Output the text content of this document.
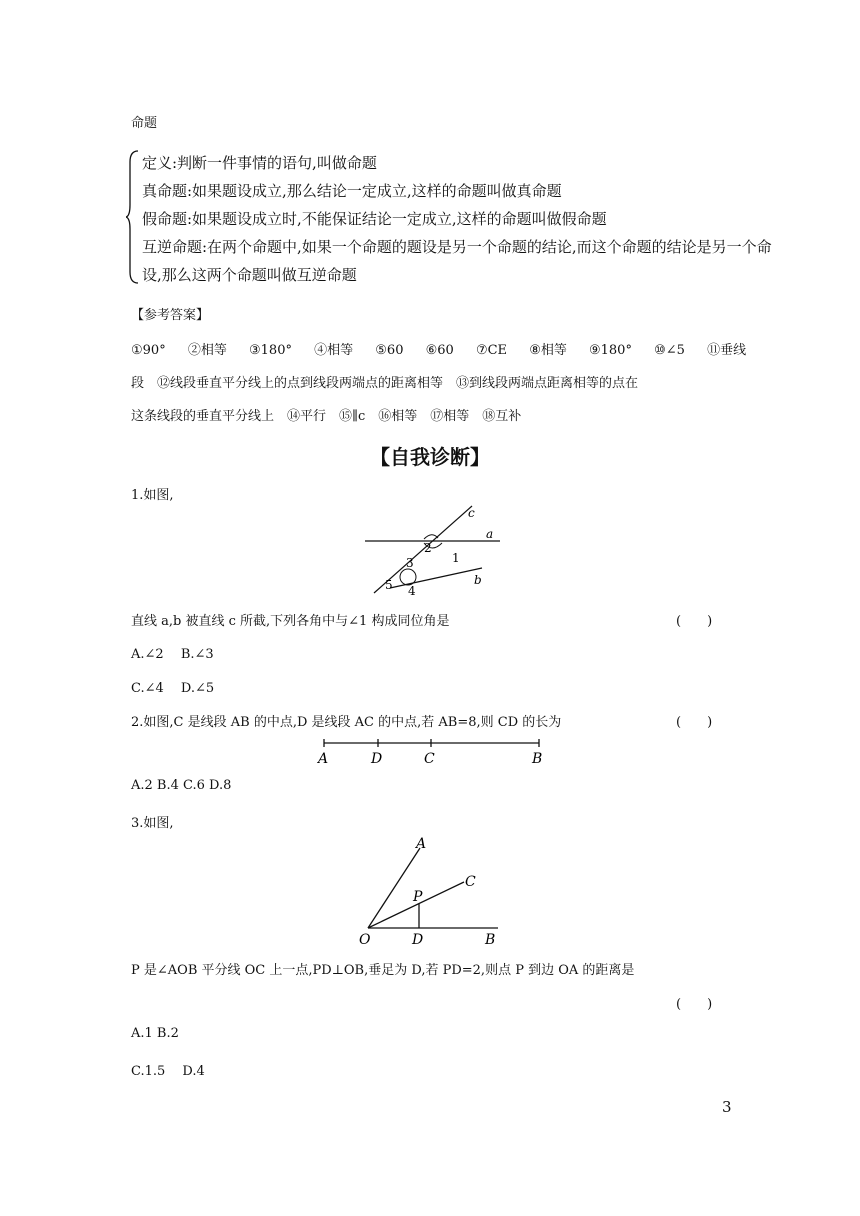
命题
定义:判断一件事情的语句,叫做命题
真命题:如果题设成立,那么结论一定成立,这样的命题叫做真命题
假命题:如果题设成立时,不能保证结论一定成立,这样的命题叫做假命题
互逆命题:在两个命题中,如果一个命题的题设是另一个命题的结论,而这个命题的结论是另一个命
设,那么这两个命题叫做互逆命题
【参考答案】
①90° ②相等 ③180° ④相等 ⑤60 ⑥60 ⑦CE ⑧相等 ⑨180° ⑩∠5 ⑪垂线
段　⑫线段垂直平分线上的点到线段两端点的距离相等　⑬到线段两端点距离相等的点在
这条线段的垂直平分线上　⑭平行　⑮∥c　⑯相等　⑰相等　⑱互补
【自我诊断】
1.如图,
a
c
b
1
2
3
4
5
直线 a,b 被直线 c 所截,下列各角中与∠1 构成同位角是	(　　)
A.∠2　 B.∠3
C.∠4　 D.∠5
2.如图,C 是线段 AB 的中点,D 是线段 AC 的中点,若 AB=8,则 CD 的长为	(　　)
A	D	C	B
A.2 B.4 C.6 D.8
3.如图,
A
C
P
O	D	B
P 是∠AOB 平分线 OC 上一点,PD⊥OB,垂足为 D,若 PD=2,则点 P 到边 OA 的距离是
(　　)
A.1 B.2
C.1.5　 D.4
3
